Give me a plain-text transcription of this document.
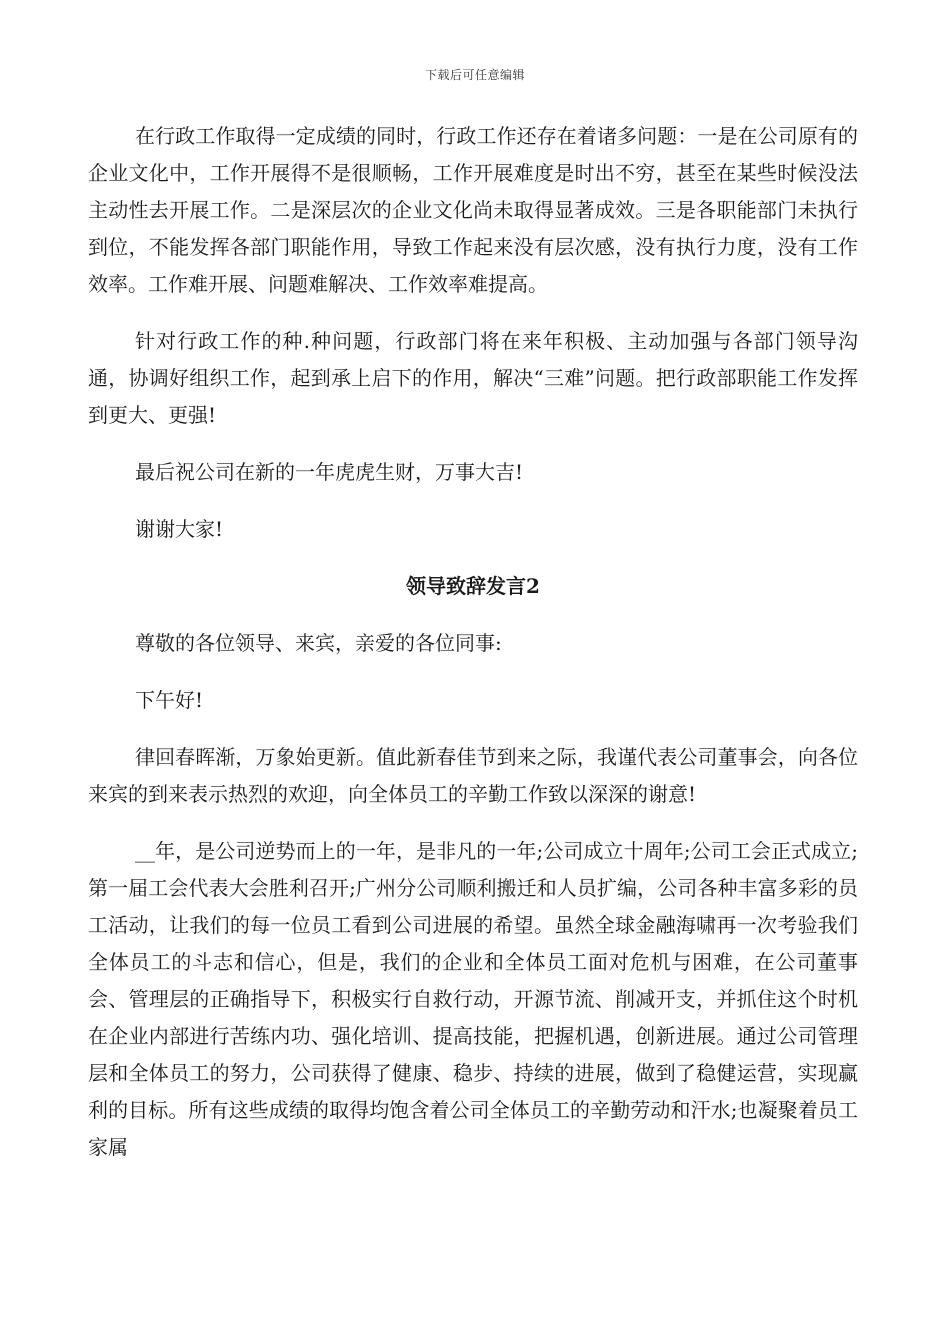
下载后可任意编辑

在行政工作取得一定成绩的同时，行政工作还存在着诸多问题：一是在公司原有的企业文化中，工作开展得不是很顺畅，工作开展难度是时出不穷，甚至在某些时候没法主动性去开展工作。二是深层次的企业文化尚未取得显著成效。三是各职能部门未执行到位，不能发挥各部门职能作用，导致工作起来没有层次感，没有执行力度，没有工作效率。工作难开展、问题难解决、工作效率难提高。

针对行政工作的种.种问题，行政部门将在来年积极、主动加强与各部门领导沟通，协调好组织工作，起到承上启下的作用，解决“三难”问题。把行政部职能工作发挥到更大、更强!

最后祝公司在新的一年虎虎生财，万事大吉!

谢谢大家!

领导致辞发言2

尊敬的各位领导、来宾，亲爱的各位同事:

下午好!

律回春晖渐，万象始更新。值此新春佳节到来之际，我谨代表公司董事会，向各位来宾的到来表示热烈的欢迎，向全体员工的辛勤工作致以深深的谢意!

__年，是公司逆势而上的一年，是非凡的一年;公司成立十周年;公司工会正式成立;第一届工会代表大会胜利召开;广州分公司顺利搬迁和人员扩编，公司各种丰富多彩的员工活动，让我们的每一位员工看到公司进展的希望。虽然全球金融海啸再一次考验我们全体员工的斗志和信心，但是，我们的企业和全体员工面对危机与困难，在公司董事会、管理层的正确指导下，积极实行自救行动，开源节流、削减开支，并抓住这个时机在企业内部进行苦练内功、强化培训、提高技能，把握机遇，创新进展。通过公司管理层和全体员工的努力，公司获得了健康、稳步、持续的进展，做到了稳健运营，实现赢利的目标。所有这些成绩的取得均饱含着公司全体员工的辛勤劳动和汗水;也凝聚着员工家属
